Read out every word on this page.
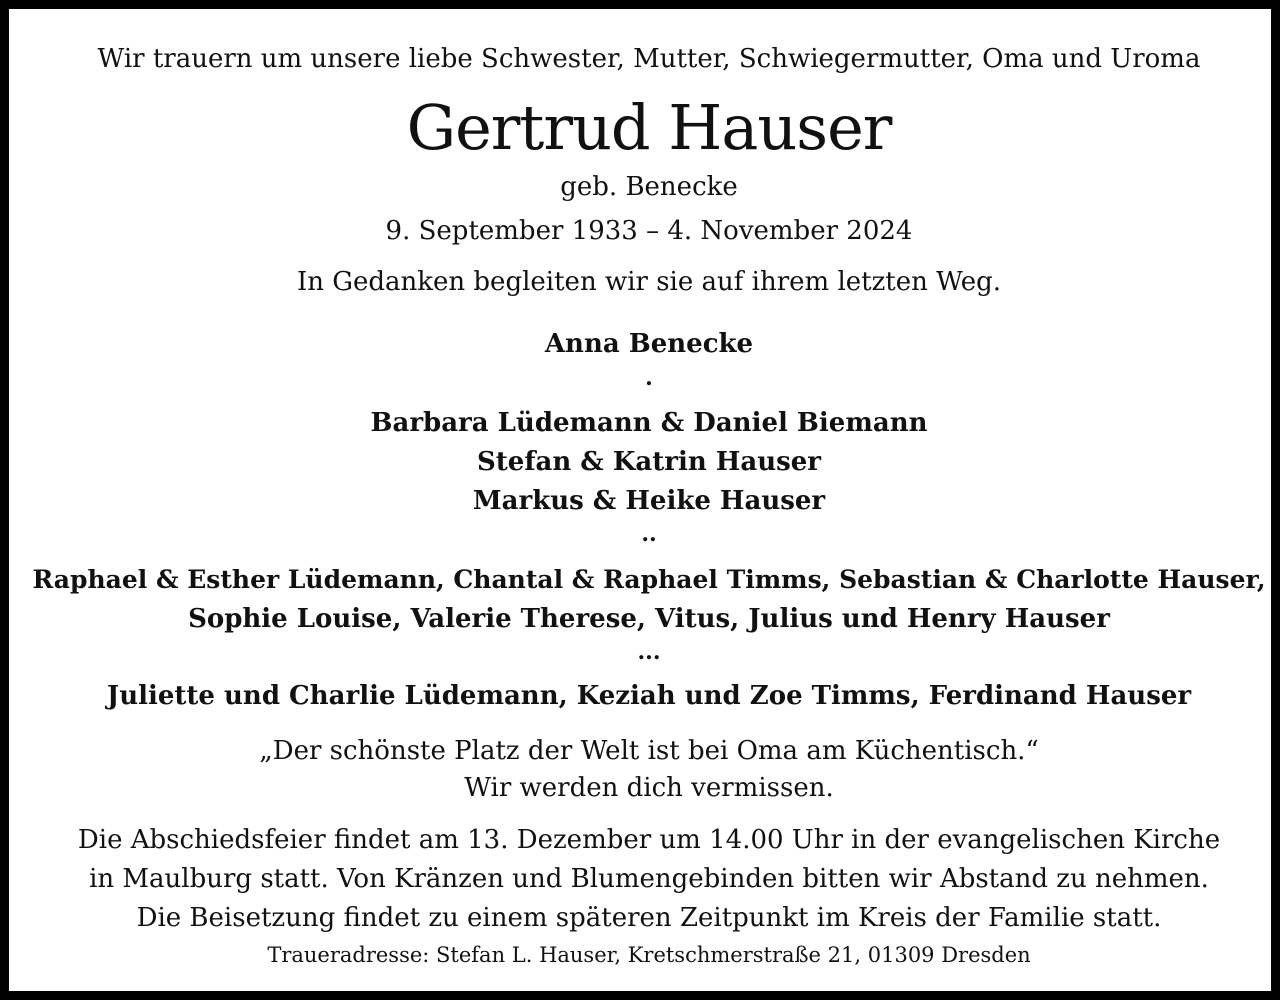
Wir trauern um unsere liebe Schwester, Mutter, Schwiegermutter, Oma und Uroma
Gertrud Hauser
geb. Benecke
9. September 1933 – 4. November 2024
In Gedanken begleiten wir sie auf ihrem letzten Weg.
Anna Benecke
.
Barbara Lüdemann & Daniel Biemann
Stefan & Katrin Hauser
Markus & Heike Hauser
..
Raphael & Esther Lüdemann, Chantal & Raphael Timms, Sebastian & Charlotte Hauser,
Sophie Louise, Valerie Therese, Vitus, Julius und Henry Hauser
...
Juliette und Charlie Lüdemann, Keziah und Zoe Timms, Ferdinand Hauser
„Der schönste Platz der Welt ist bei Oma am Küchentisch.“
Wir werden dich vermissen.
Die Abschiedsfeier findet am 13. Dezember um 14.00 Uhr in der evangelischen Kirche
in Maulburg statt. Von Kränzen und Blumengebinden bitten wir Abstand zu nehmen.
Die Beisetzung findet zu einem späteren Zeitpunkt im Kreis der Familie statt.
Traueradresse: Stefan L. Hauser, Kretschmerstraße 21, 01309 Dresden
